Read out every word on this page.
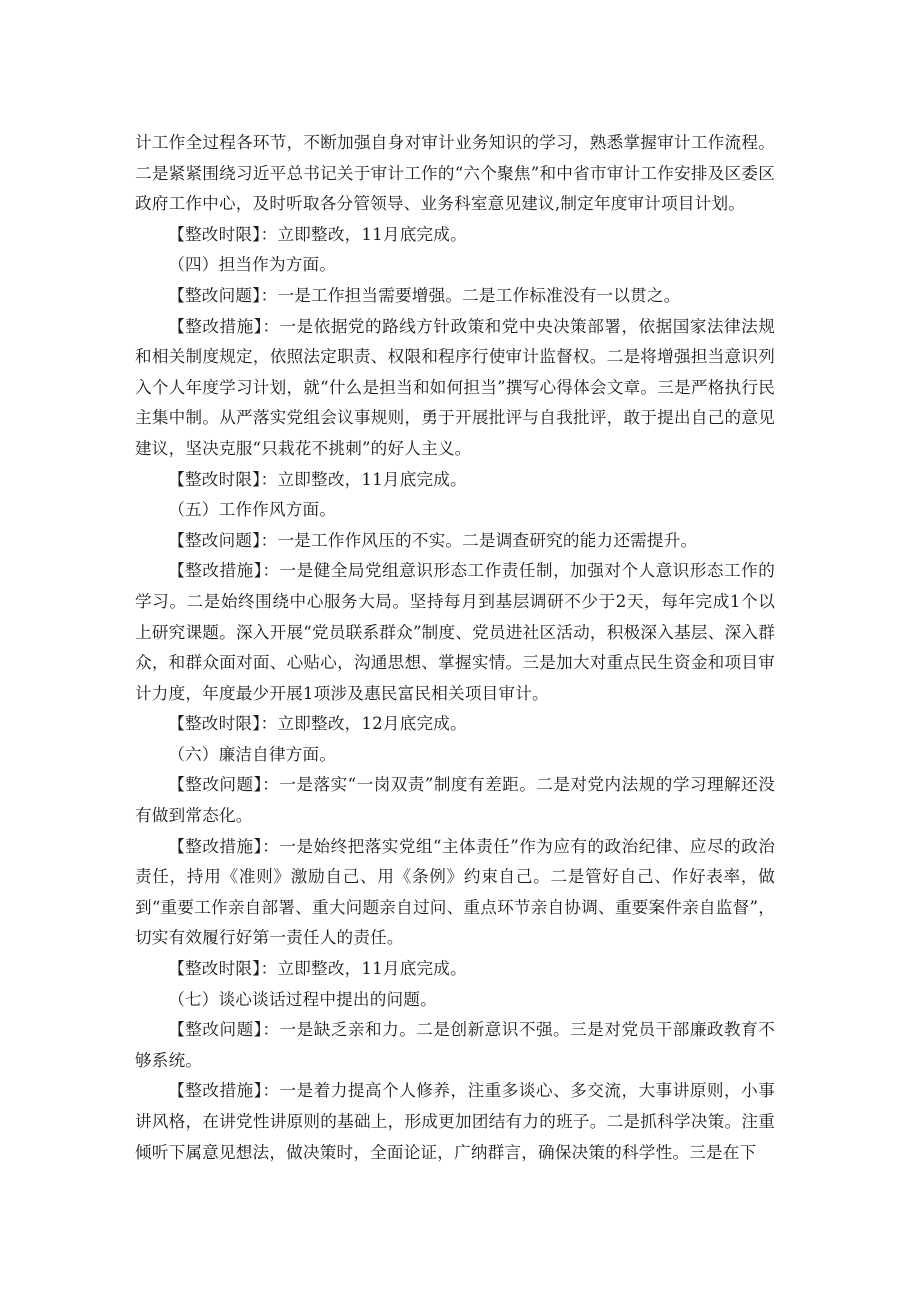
计工作全过程各环节，不断加强自身对审计业务知识的学习，熟悉掌握审计工作流程。二是紧紧围绕习近平总书记关于审计工作的“六个聚焦”和中省市审计工作安排及区委区政府工作中心，及时听取各分管领导、业务科室意见建议,制定年度审计项目计划。

【整改时限】：立即整改，11月底完成。

（四）担当作为方面。

【整改问题】：一是工作担当需要增强。二是工作标准没有一以贯之。

【整改措施】：一是依据党的路线方针政策和党中央决策部署，依据国家法律法规和相关制度规定，依照法定职责、权限和程序行使审计监督权。二是将增强担当意识列入个人年度学习计划，就“什么是担当和如何担当”撰写心得体会文章。三是严格执行民主集中制。从严落实党组会议事规则，勇于开展批评与自我批评，敢于提出自己的意见建议，坚决克服“只栽花不挑刺”的好人主义。

【整改时限】：立即整改，11月底完成。

（五）工作作风方面。

【整改问题】：一是工作作风压的不实。二是调查研究的能力还需提升。

【整改措施】：一是健全局党组意识形态工作责任制，加强对个人意识形态工作的学习。二是始终围绕中心服务大局。坚持每月到基层调研不少于2天，每年完成1个以上研究课题。深入开展“党员联系群众”制度、党员进社区活动，积极深入基层、深入群众，和群众面对面、心贴心，沟通思想、掌握实情。三是加大对重点民生资金和项目审计力度，年度最少开展1项涉及惠民富民相关项目审计。

【整改时限】：立即整改，12月底完成。

（六）廉洁自律方面。

【整改问题】：一是落实“一岗双责”制度有差距。二是对党内法规的学习理解还没有做到常态化。

【整改措施】：一是始终把落实党组“主体责任”作为应有的政治纪律、应尽的政治责任，持用《准则》激励自己、用《条例》约束自己。二是管好自己、作好表率，做到“重要工作亲自部署、重大问题亲自过问、重点环节亲自协调、重要案件亲自监督”，切实有效履行好第一责任人的责任。

【整改时限】：立即整改，11月底完成。

（七）谈心谈话过程中提出的问题。

【整改问题】：一是缺乏亲和力。二是创新意识不强。三是对党员干部廉政教育不够系统。

【整改措施】：一是着力提高个人修养，注重多谈心、多交流，大事讲原则，小事讲风格，在讲党性讲原则的基础上，形成更加团结有力的班子。二是抓科学决策。注重倾听下属意见想法，做决策时，全面论证，广纳群言，确保决策的科学性。三是在下
